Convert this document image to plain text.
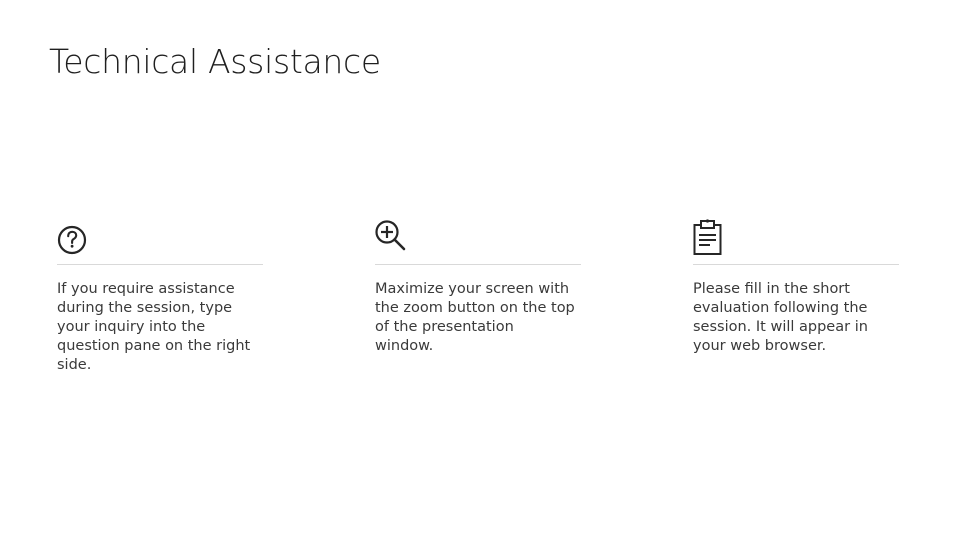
Technical Assistance
If you require assistance during the session, type your inquiry into the question pane on the right side.
Maximize your screen with the zoom button on the top of the presentation window.
Please fill in the short evaluation following the session. It will appear in your web browser.
